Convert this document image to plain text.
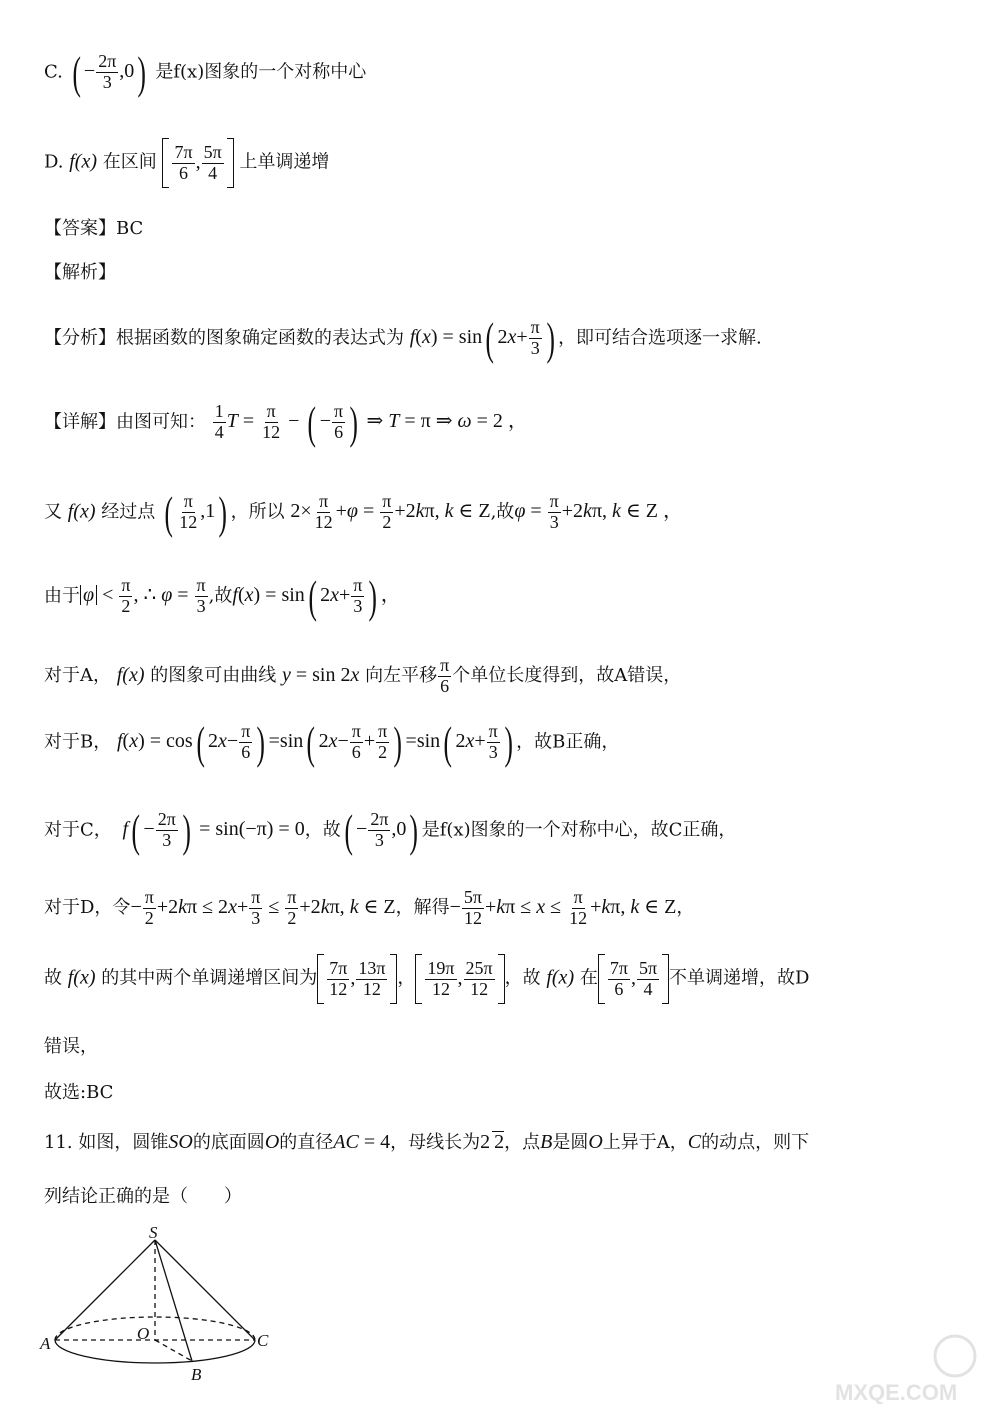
C. ( − $\frac{2\pi}{3} ,0$) 是f(x)图象的一个对称中心
D. f(x) 在区间 $\frac{7\pi}{6}$ , $\frac{5\pi}{4}$ 上单调递增
【答案】BC
【解析】
【分析】根据函数的图象确定函数的表达式为 f(x) = sin( $2x+ \frac{\pi}{3}$ ) ，即可结合选项逐一求解.
【详解】由图可知： $\frac{1}{4}$ $T = \frac{\pi}{12}$ − ( − $\frac{\pi}{6}$ ) ⇒ T = π ⇒ ω = 2 ，
又 f(x) 经过点 ( $\frac{\pi}{12} ,1$) ，所以 $2\times \frac{\pi}{12} +\varphi = \frac{\pi}{2} +2k\pi$, k ∈ Z,故$\varphi = \frac{\pi}{3} +2k\pi$, k ∈ Z ，
由于 $\varphi < \frac{\pi}{2}$ , ∴ $\varphi = \frac{\pi}{3}$ ,故f(x) = sin( $2x+ \frac{\pi}{3}$ ) ，
对于A， f(x) 的图象可由曲线 y = sin 2x 向左平移 $\frac{\pi}{6}$ 个单位长度得到，故A错误，
对于B， f(x) = cos( $2x- \frac{\pi}{6}$ ) =sin( $2x- \frac{\pi}{6} + \frac{\pi}{2}$ ) =sin( $2x+ \frac{\pi}{3}$ ) ，故B正确，
对于C， $f( - \frac{2\pi}{3}$ ) = sin(−π) = 0，故( − $\frac{2\pi}{3} ,0$) 是f(x)图象的一个对称中心，故C正确，
对于D，令− $\frac{\pi}{2} +2k\pi \le 2x+ \frac{\pi}{3} \le \frac{\pi}{2} +2k\pi$, k ∈ Z，解得− $\frac{5\pi}{12} +k\pi \le x \le \frac{\pi}{12} +k\pi$, k ∈ Z，
故 f(x) 的其中两个单调递增区间为 $\frac{7\pi}{12}$ , $\frac{13\pi}{12}$ ， $\frac{19\pi}{12}$ , $\frac{25\pi}{12}$ ，故 f(x) 在 $\frac{7\pi}{6}$ , $\frac{5\pi}{4}$ 不单调递增，故D
错误，
故选:BC
11. 如图，圆锥SO的底面圆O的直径AC = 4，母线长为2 2，点B是圆O上异于A，C的动点，则下
列结论正确的是（　　）
S
O
A	C
B
MXQE.COM
